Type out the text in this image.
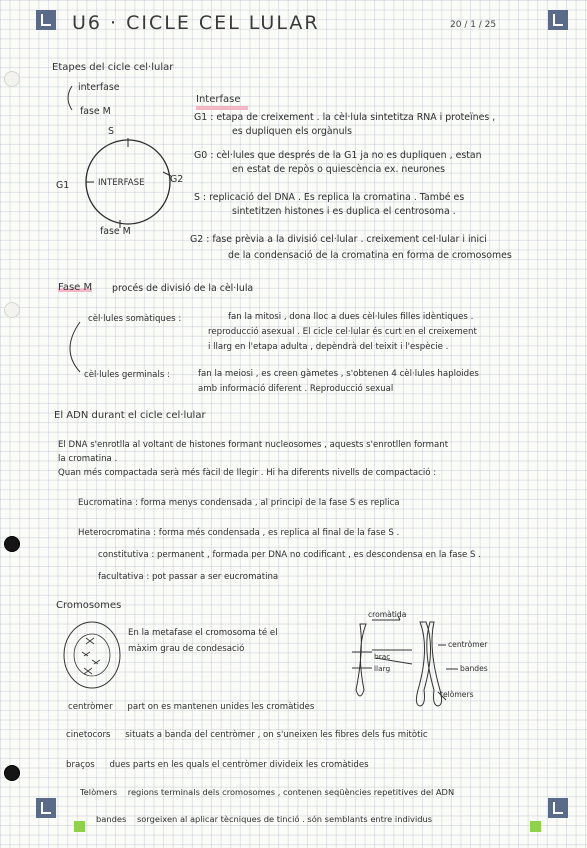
U6 · CICLE CEL LULAR	20 / 1 / 25
Etapes del cicle cel·lular
interfase
fase M
S
G2
G1	INTERFASE
fase M
Interfase
G1 : etapa de creixement . la cèl·lula sintetitza RNA i proteïnes ,
es dupliquen els orgànuls
G0 : cèl·lules que després de la G1 ja no es dupliquen , estan
en estat de repòs o quiescència ex. neurones
S : replicació del DNA . Es replica la cromatina . També es
sintetitzen histones i es duplica el centrosoma .
G2 : fase prèvia a la divisió cel·lular . creixement cel·lular i inici
de la condensació de la cromatina en forma de cromosomes
Fase M procés de divisió de la cèl·lula
cèl·lules somàtiques :	fan la mitosi , dona lloc a dues cèl·lules filles idèntiques .
reproducció asexual . El cicle cel·lular és curt en el creixement
i llarg en l'etapa adulta , depèndrà del teixit i l'espècie .
cèl·lules germinals :	fan la meiosi , es creen gàmetes , s'obtenen 4 cèl·lules haploides
amb informació diferent . Reproducció sexual
El ADN durant el cicle cel·lular
El DNA s'enrotlla al voltant de histones formant nucleosomes , aquests s'enrotllen formant
la cromatina .
Quan més compactada serà més fàcil de llegir . Hi ha diferents nivells de compactació :
Eucromatina : forma menys condensada , al principi de la fase S es replica
Heterocromatina : forma més condensada , es replica al final de la fase S .
constitutiva : permanent , formada per DNA no codificant , es descondensa en la fase S .
facultativa : pot passar a ser eucromatina
Cromosomes
En la metafase el cromosoma té el
màxim grau de condesació
cromàtida
centròmer
bandes
braç
llarg
telòmers
centròmer part on es mantenen unides les cromàtides
cinetocors situats a banda del centròmer , on s'uneixen les fibres dels fus mitòtic
braços dues parts en les quals el centròmer divideix les cromàtides
Telòmers regions terminals dels cromosomes , contenen seqüències repetitives del ADN
bandes sorgeixen al aplicar tècniques de tinció . són semblants entre individus
